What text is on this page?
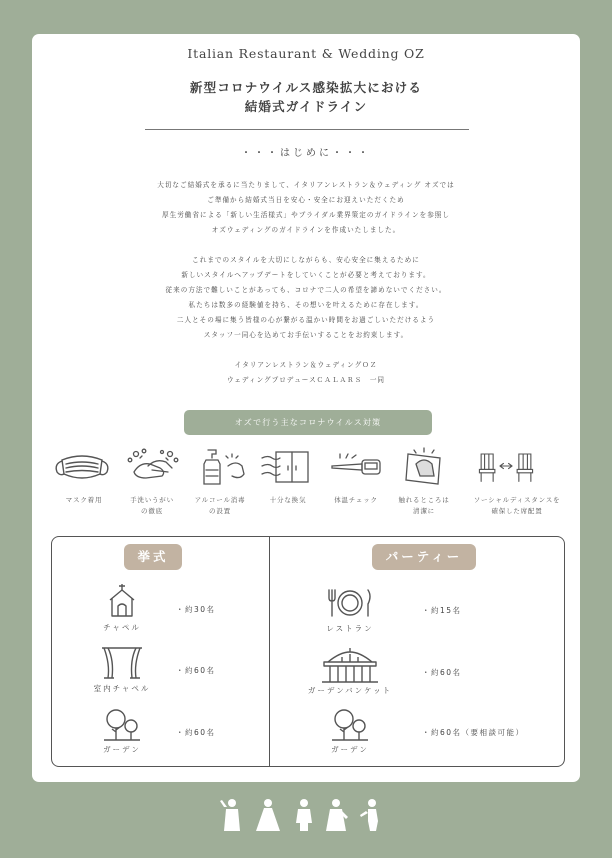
Italian Restaurant & Wedding OZ
新型コロナウイルス感染拡大における
結婚式ガイドライン
・・・はじめに・・・

大切なご結婚式を承るに当たりまして、イタリアンレストラン＆ウェディング オズでは

ご準備から結婚式当日を安心・安全にお迎えいただくため

厚生労働省による「新しい生活様式」やブライダル業界策定のガイドラインを参照し

オズウェディングのガイドラインを作成いたしました。

これまでのスタイルを大切にしながらも、安心安全に集えるために

新しいスタイルへアップデートをしていくことが必要と考えております。

従来の方法で難しいことがあっても、コロナで二人の希望を諦めないでください。

私たちは数多の経験値を持ち、その想いを叶えるために存在します。

二人とその場に集う皆様の心が繋がる温かい時間をお過ごしいただけるよう

スタッフ一同心を込めてお手伝いすることをお約束します。

イタリアンレストラン＆ウェディングＯＺ

ウェディングプロデュースＣＡＬＡＲＳ　一同

オズで行う主なコロナウイルス対策
マスク着用	手洗いうがい
の徹底
アルコール消毒
の設置
十分な換気	体温チェック	触れるところは
清潔に
ソーシャルディスタンスを
確保した席配置
挙式	パーティー
チャペル
・約30名
室内チャペル
・約60名
ガーデン
・約60名
レストラン
・約15名
ガーデンバンケット
・約60名
ガーデン
・約60名（要相談可能）
